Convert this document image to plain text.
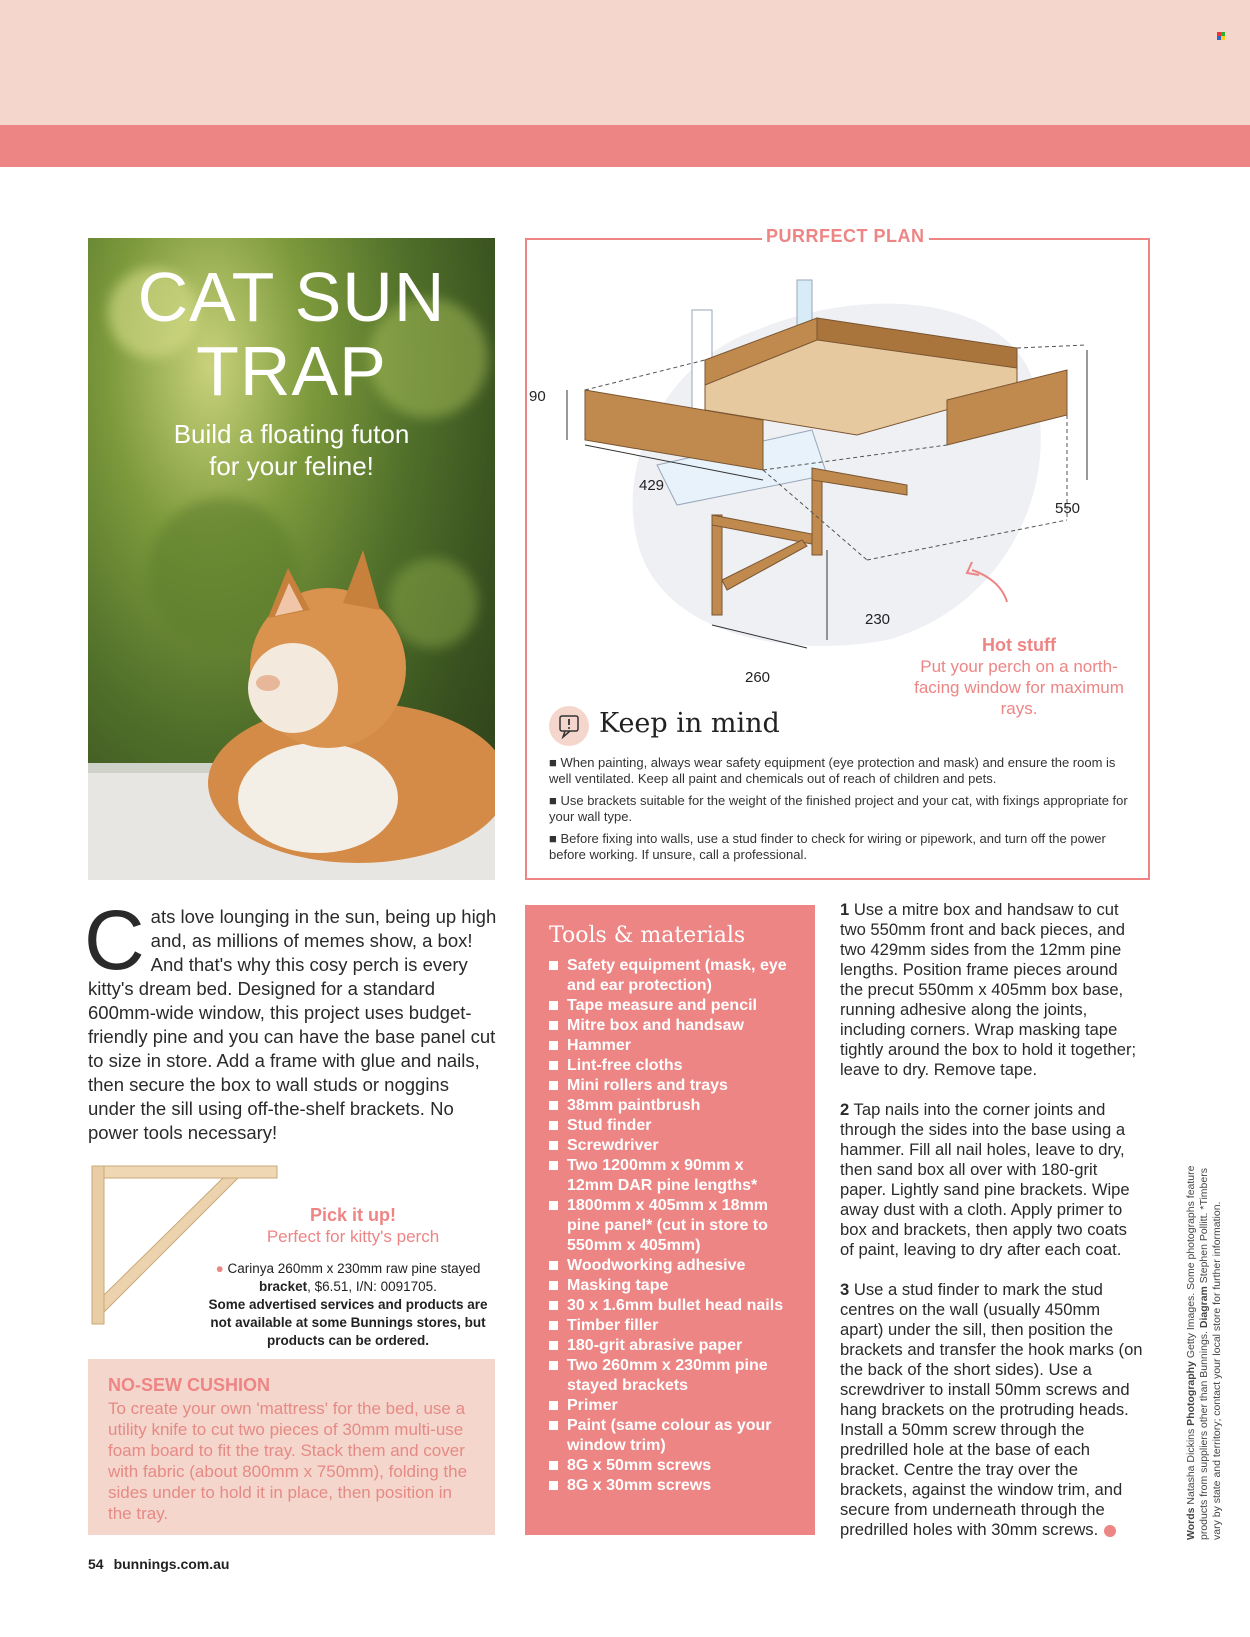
CAT SUN
TRAP
Build a floating futon
for your feline!
PURRFECT PLAN
90
429
550
230
260
Hot stuff
Put your perch on a north-facing window for maximum rays.
Keep in mind
■ When painting, always wear safety equipment (eye protection and mask) and ensure the room is well ventilated. Keep all paint and chemicals out of reach of children and pets.
■ Use brackets suitable for the weight of the finished project and your cat, with fixings appropriate for your wall type.
■ Before fixing into walls, use a stud finder to check for wiring or pipework, and turn off the power before working. If unsure, call a professional.
Cats love lounging in the sun, being up high and, as millions of memes show, a box! And that's why this cosy perch is every kitty's dream bed. Designed for a standard 600mm-wide window, this project uses budget-friendly pine and you can have the base panel cut to size in store. Add a frame with glue and nails, then secure the box to wall studs or noggins under the sill using off-the-shelf brackets. No power tools necessary!
Pick it up!
Perfect for kitty's perch
● Carinya 260mm x 230mm raw pine stayed bracket, $6.51, I/N: 0091705.
Some advertised services and products are not available at some Bunnings stores, but products can be ordered.
NO-SEW CUSHION

To create your own 'mattress' for the bed, use a utility knife to cut two pieces of 30mm multi-use foam board to fit the tray. Stack them and cover with fabric (about 800mm x 750mm), folding the sides under to hold it in place, then position in the tray.

Tools & materials
Safety equipment (mask, eye and ear protection)
Tape measure and pencil
Mitre box and handsaw
Hammer
Lint-free cloths
Mini rollers and trays
38mm paintbrush
Stud finder
Screwdriver
Two 1200mm x 90mm x 12mm DAR pine lengths*
1800mm x 405mm x 18mm pine panel* (cut in store to 550mm x 405mm)
Woodworking adhesive
Masking tape
30 x 1.6mm bullet head nails
Timber filler
180-grit abrasive paper
Two 260mm x 230mm pine stayed brackets
Primer
Paint (same colour as your window trim)
8G x 50mm screws
8G x 30mm screws

1 Use a mitre box and handsaw to cut two 550mm front and back pieces, and two 429mm sides from the 12mm pine lengths. Position frame pieces around the precut 550mm x 405mm box base, running adhesive along the joints, including corners. Wrap masking tape tightly around the box to hold it together; leave to dry. Remove tape.

2 Tap nails into the corner joints and through the sides into the base using a hammer. Fill all nail holes, leave to dry, then sand box all over with 180-grit paper. Lightly sand pine brackets. Wipe away dust with a cloth. Apply primer to box and brackets, then apply two coats of paint, leaving to dry after each coat.

3 Use a stud finder to mark the stud centres on the wall (usually 450mm apart) under the sill, then position the brackets and transfer the hook marks (on the back of the short sides). Use a screwdriver to install 50mm screws and hang brackets on the protruding heads. Install a 50mm screw through the predrilled hole at the base of each bracket. Centre the tray over the brackets, against the window trim, and secure from underneath through the predrilled holes with 30mm screws.	Words Natasha Dickins Photography Getty Images. Some photographs feature products from suppliers other than Bunnings. Diagram Stephen Pollitt. *Timbers vary by state and territory; contact your local store for further information.
54 bunnings.com.au
